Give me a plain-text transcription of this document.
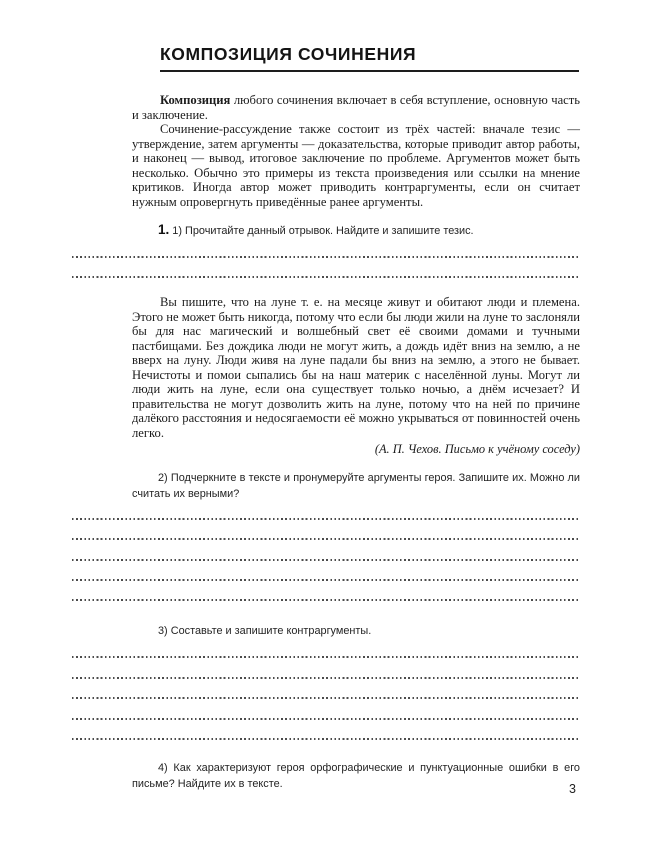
КОМПОЗИЦИЯ СОЧИНЕНИЯ

Композиция любого сочинения включает в себя вступление, основную часть и заключение.

Сочинение-рассуждение также состоит из трёх частей: вначале тезис — утверждение, затем аргументы — доказательства, которые приводит автор работы, и наконец — вывод, итоговое заключение по проблеме. Аргументов может быть несколько. Обычно это примеры из текста произведения или ссылки на мнение критиков. Иногда автор может приводить контраргументы, если он считает нужным опровергнуть приведённые ранее аргументы.

1. 1) Прочитайте данный отрывок. Найдите и запишите тезис.

Вы пишите, что на луне т. е. на месяце живут и обитают люди и племена. Этого не может быть никогда, потому что если бы люди жили на луне то заслоняли бы для нас магический и волшебный свет её своими домами и тучными пастбищами. Без дождика люди не могут жить, а дождь идёт вниз на землю, а не вверх на луну. Люди живя на луне падали бы вниз на землю, а этого не бывает. Нечистоты и помои сыпались бы на наш материк с населённой луны. Могут ли люди жить на луне, если она существует только ночью, а днём исчезает? И правительства не могут дозволить жить на луне, потому что на ней по причине далёкого расстояния и недосягаемости её можно укрываться от повинностей очень легко.

(А. П. Чехов. Письмо к учёному соседу)

2) Подчеркните в тексте и пронумеруйте аргументы героя. Запишите их. Можно ли считать их верными?
3) Составьте и запишите контраргументы.
4) Как характеризуют героя орфографические и пунктуационные ошибки в его письме? Найдите их в тексте.	3
